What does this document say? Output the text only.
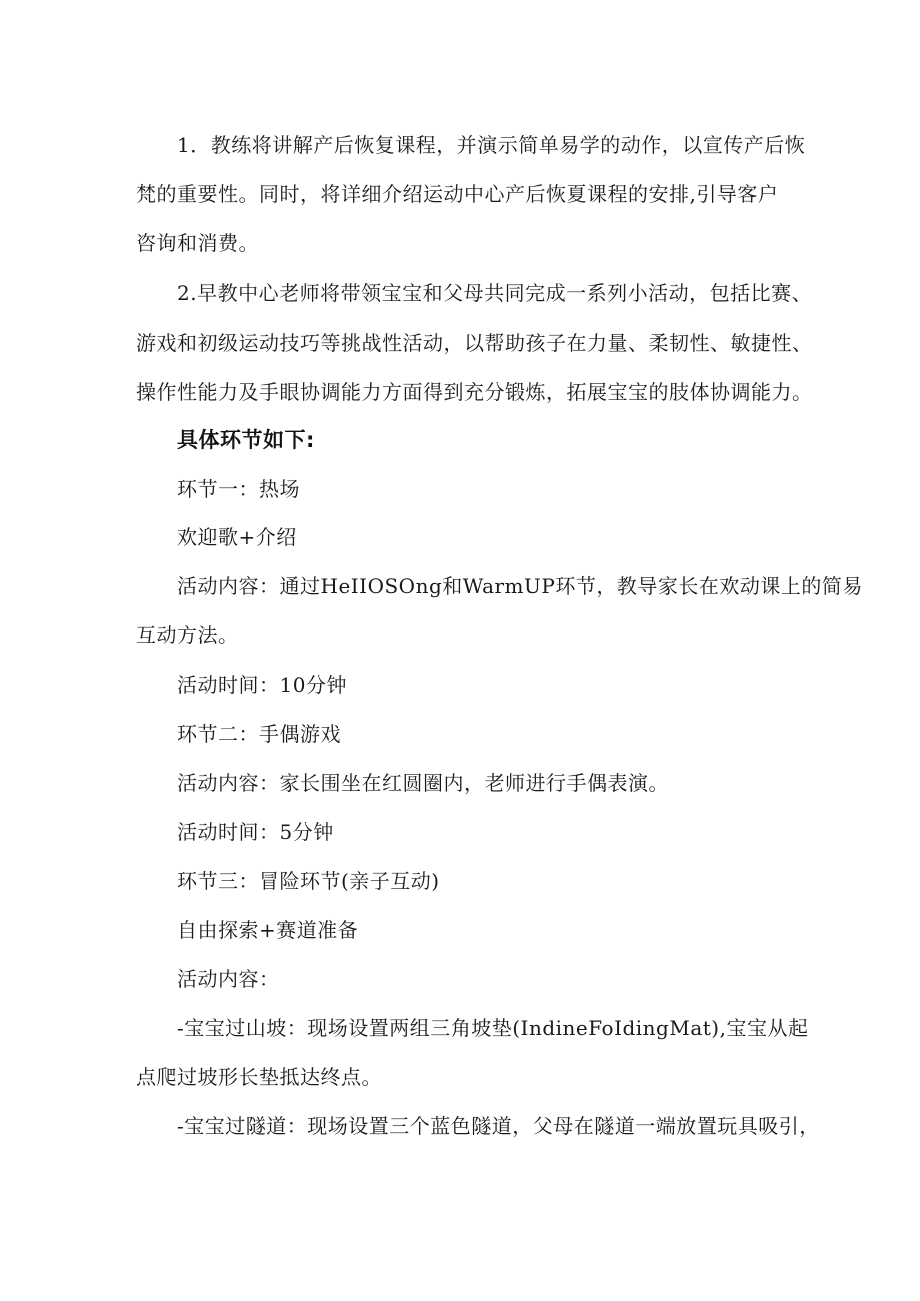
1．教练将讲解产后恢复课程，并演示简单易学的动作，以宣传产后恢
梵的重要性。同时，将详细介绍运动中心产后恢夏课程的安排,引导客户
咨询和消费。
2.早教中心老师将带领宝宝和父母共同完成一系列小活动，包括比赛、
游戏和初级运动技巧等挑战性活动，以帮助孩子在力量、柔韧性、敏捷性、
操作性能力及手眼协调能力方面得到充分锻炼，拓展宝宝的肢体协调能力。
具体环节如下:
环节一：热场
欢迎歌+介绍
活动内容：通过HeIIOSOng和WarmUP环节，教导家长在欢动课上的简易
互动方法。
活动时间：10分钟
环节二：手偶游戏
活动内容：家长围坐在红圆圈内，老师进行手偶表演。
活动时间：5分钟
环节三：冒险环节(亲子互动)
自由探索+赛道准备
活动内容：
-宝宝过山坡：现场设置两组三角坡垫(IndineFoIdingMat),宝宝从起
点爬过坡形长垫抵达终点。
-宝宝过隧道：现场设置三个蓝色隧道，父母在隧道一端放置玩具吸引，
